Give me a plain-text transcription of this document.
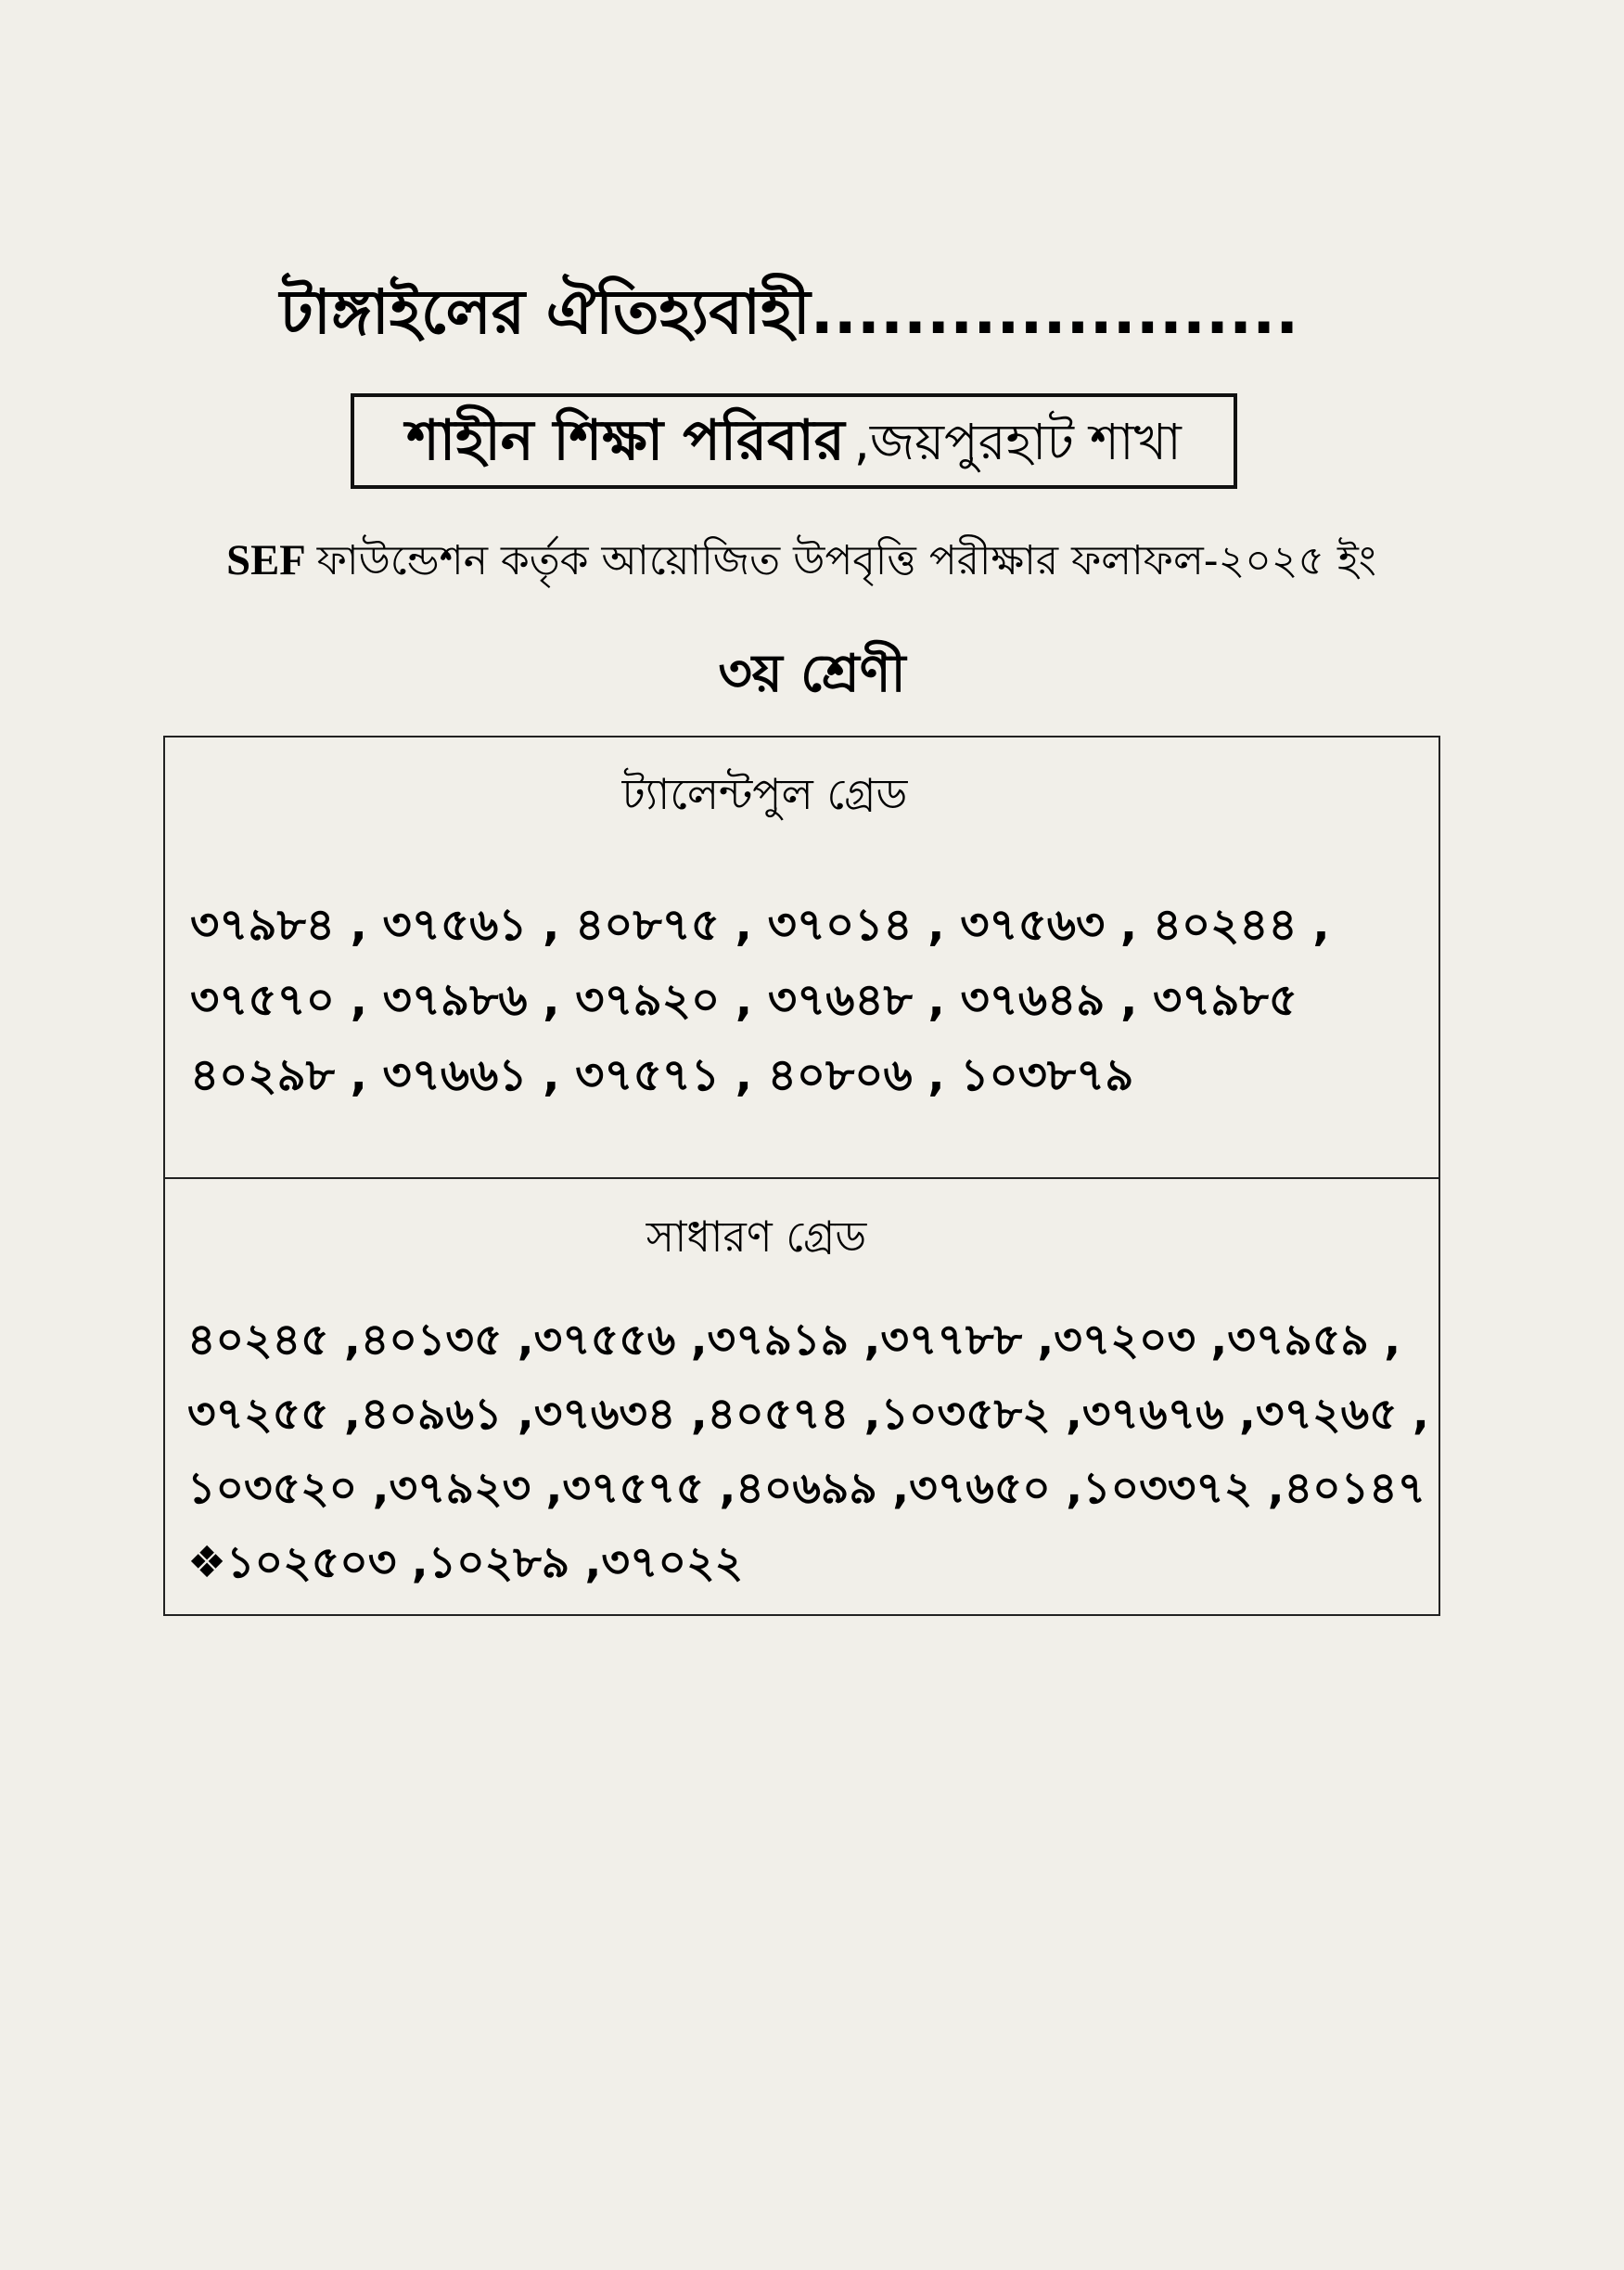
টাঙ্গাইলের ঐতিহ্যবাহী.....................
শাহীন শিক্ষা পরিবার ,জয়পুরহাট শাখা
SEF ফাউন্ডেশন কর্তৃক আয়োজিত উপবৃত্তি পরীক্ষার ফলাফল-২০২৫ ইং
৩য় শ্রেণী
ট্যালেন্টপুল গ্রেড
৩৭৯৮৪ , ৩৭৫৬১ , ৪০৮৭৫ , ৩৭০১৪ , ৩৭৫৬৩ , ৪০২৪৪ ,
৩৭৫৭০ , ৩৭৯৮৬ , ৩৭৯২০ , ৩৭৬৪৮ , ৩৭৬৪৯ , ৩৭৯৮৫
৪০২৯৮ , ৩৭৬৬১ , ৩৭৫৭১ , ৪০৮০৬ , ১০৩৮৭৯
সাধারণ গ্রেড
৪০২৪৫ ,৪০১৩৫ ,৩৭৫৫৬ ,৩৭৯১৯ ,৩৭৭৮৮ ,৩৭২০৩ ,৩৭৯৫৯ ,
৩৭২৫৫ ,৪০৯৬১ ,৩৭৬৩৪ ,৪০৫৭৪ ,১০৩৫৮২ ,৩৭৬৭৬ ,৩৭২৬৫ ,
১০৩৫২০ ,৩৭৯২৩ ,৩৭৫৭৫ ,৪০৬৯৯ ,৩৭৬৫০ ,১০৩৩৭২ ,৪০১৪৭
❖১০২৫০৩ ,১০২৮৯ ,৩৭০২২
